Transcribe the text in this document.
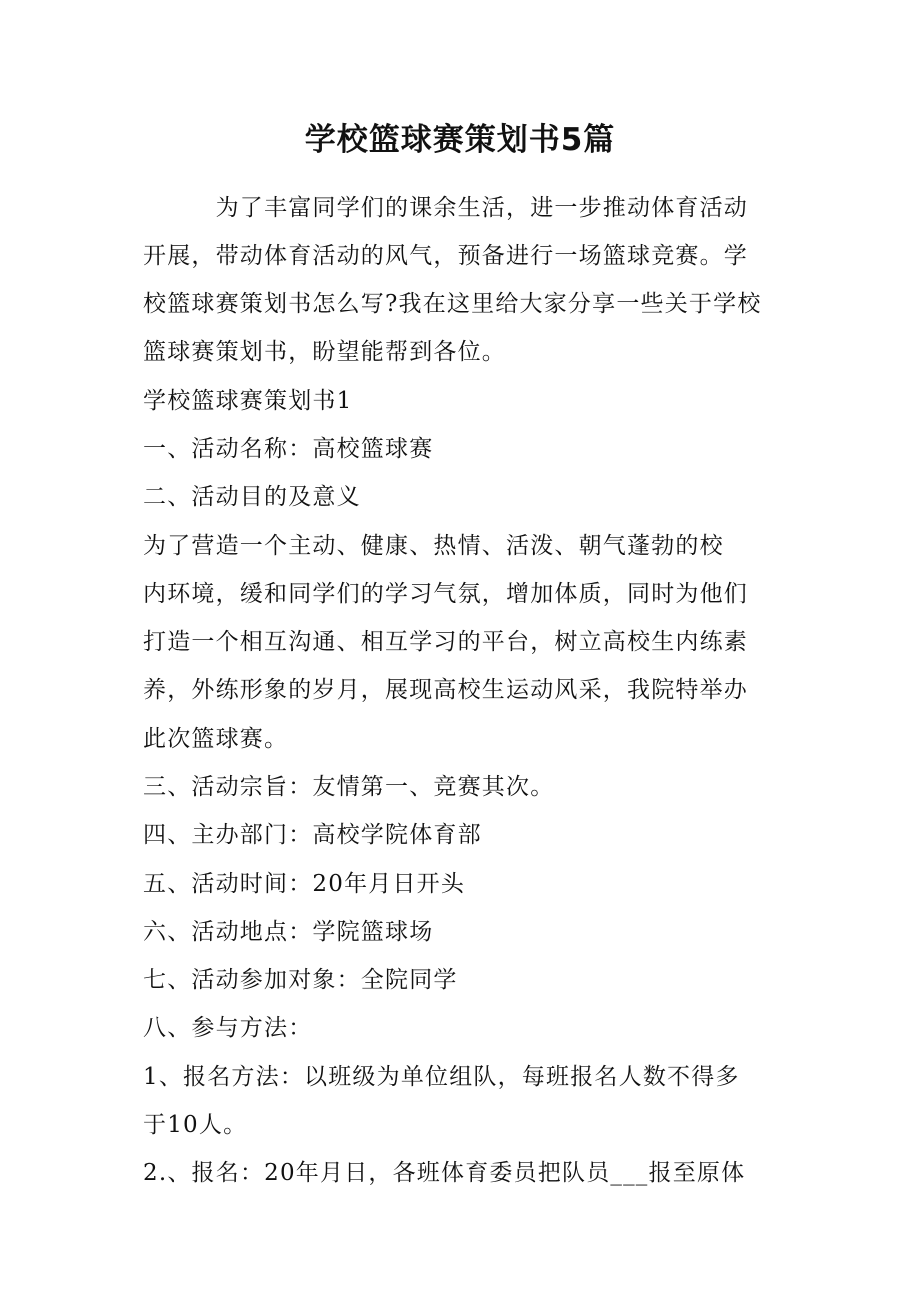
学校篮球赛策划书5篇
　　　为了丰富同学们的课余生活，进一步推动体育活动
开展，带动体育活动的风气，预备进行一场篮球竞赛。学
校篮球赛策划书怎么写?我在这里给大家分享一些关于学校
篮球赛策划书，盼望能帮到各位。
学校篮球赛策划书1
一、活动名称：高校篮球赛
二、活动目的及意义
为了营造一个主动、健康、热情、活泼、朝气蓬勃的校
内环境，缓和同学们的学习气氛，增加体质，同时为他们
打造一个相互沟通、相互学习的平台，树立高校生内练素
养，外练形象的岁月，展现高校生运动风采，我院特举办
此次篮球赛。
三、活动宗旨：友情第一、竞赛其次。
四、主办部门：高校学院体育部
五、活动时间：20年月日开头
六、活动地点：学院篮球场
七、活动参加对象：全院同学
八、参与方法：
1、报名方法：以班级为单位组队，每班报名人数不得多
于10人。
2.、报名：20年月日，各班体育委员把队员___报至原体
